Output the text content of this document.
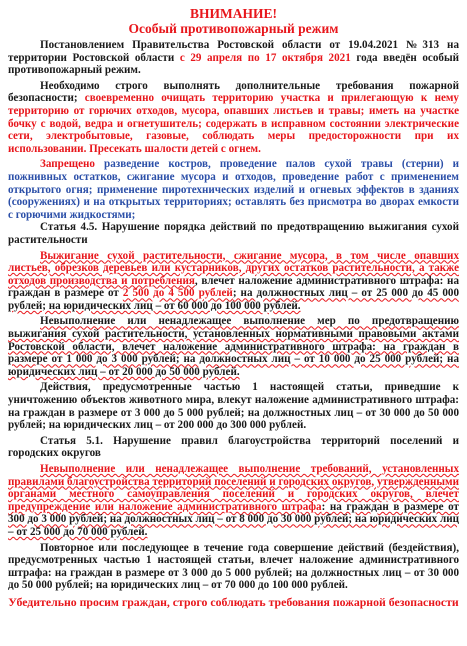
ВНИМАНИЕ!
Особый противопожарный режим

Постановлением Правительства Ростовской области от 19.04.2021 №313 на территории Ростовской области с 29 апреля по 17 октября 2021 года введён особый противопожарный режим.

Необходимо строго выполнять дополнительные требования пожарной безопасности; своевременно очищать территорию участка и прилегающую к нему территорию от горючих отходов, мусора, опавших листьев и травы; иметь на участке бочку с водой, ведра и огнетушитель; содержать в исправном состоянии электрические сети, электробытовые, газовые, соблюдать меры предосторожности при их использовании. Пресекать шалости детей с огнем.

Запрещено разведение костров, проведение палов сухой травы (стерни) и пожнивных остатков, сжигание мусора и отходов, проведение работ с применением открытого огня; применение пиротехнических изделий и огневых эффектов в зданиях (сооружениях) и на открытых территориях; оставлять без присмотра во дворах емкости с горючими жидкостями;

Статья 4.5. Нарушение порядка действий по предотвращению выжигания сухой растительности

Выжигание сухой растительности, сжигание мусора, в том числе опавших листьев, обрезков деревьев или кустарников, других остатков растительности, а также отходов производства и потребления, влечет наложение административного штрафа: на граждан в размере от 2 500 до 4 500 рублей; на должностных лиц – от 25 000 до 45 000 рублей; на юридических лиц – от 60 000 до 100 000 рублей.

Невыполнение или ненадлежащее выполнение мер по предотвращению выжигания сухой растительности, установленных нормативными правовыми актами Ростовской области, влечет наложение административного штрафа: на граждан в размере от 1 000 до 3 000 рублей; на должностных лиц – от 10 000 до 25 000 рублей; на юридических лиц – от 20 000 до 50 000 рублей.

Действия, предусмотренные частью 1 настоящей статьи, приведшие к уничтожению объектов животного мира, влекут наложение административного штрафа: на граждан в размере от 3 000 до 5 000 рублей; на должностных лиц – от 30 000 до 50 000 рублей; на юридических лиц – от 200 000 до 300 000 рублей.

Статья 5.1. Нарушение правил благоустройства территорий поселений и городских округов

Невыполнение или ненадлежащее выполнение требований, установленных правилами благоустройства территорий поселений и городских округов, утвержденными органами местного самоуправления поселений и городских округов, влечет предупреждение или наложение административного штрафа: на граждан в размере от 300 до 3 000 рублей; на должностных лиц – от 8 000 до 30 000 рублей; на юридических лиц – от 25 000 до 70 000 рублей.

Повторное или последующее в течение года совершение действий (бездействия), предусмотренных частью 1 настоящей статьи, влечет наложение административного штрафа: на граждан в размере от 3 000 до 5 000 рублей; на должностных лиц – от 30 000 до 50 000 рублей; на юридических лиц – от 70 000 до 100 000 рублей.

Убедительно просим граждан, строго соблюдать требования пожарной безопасности
